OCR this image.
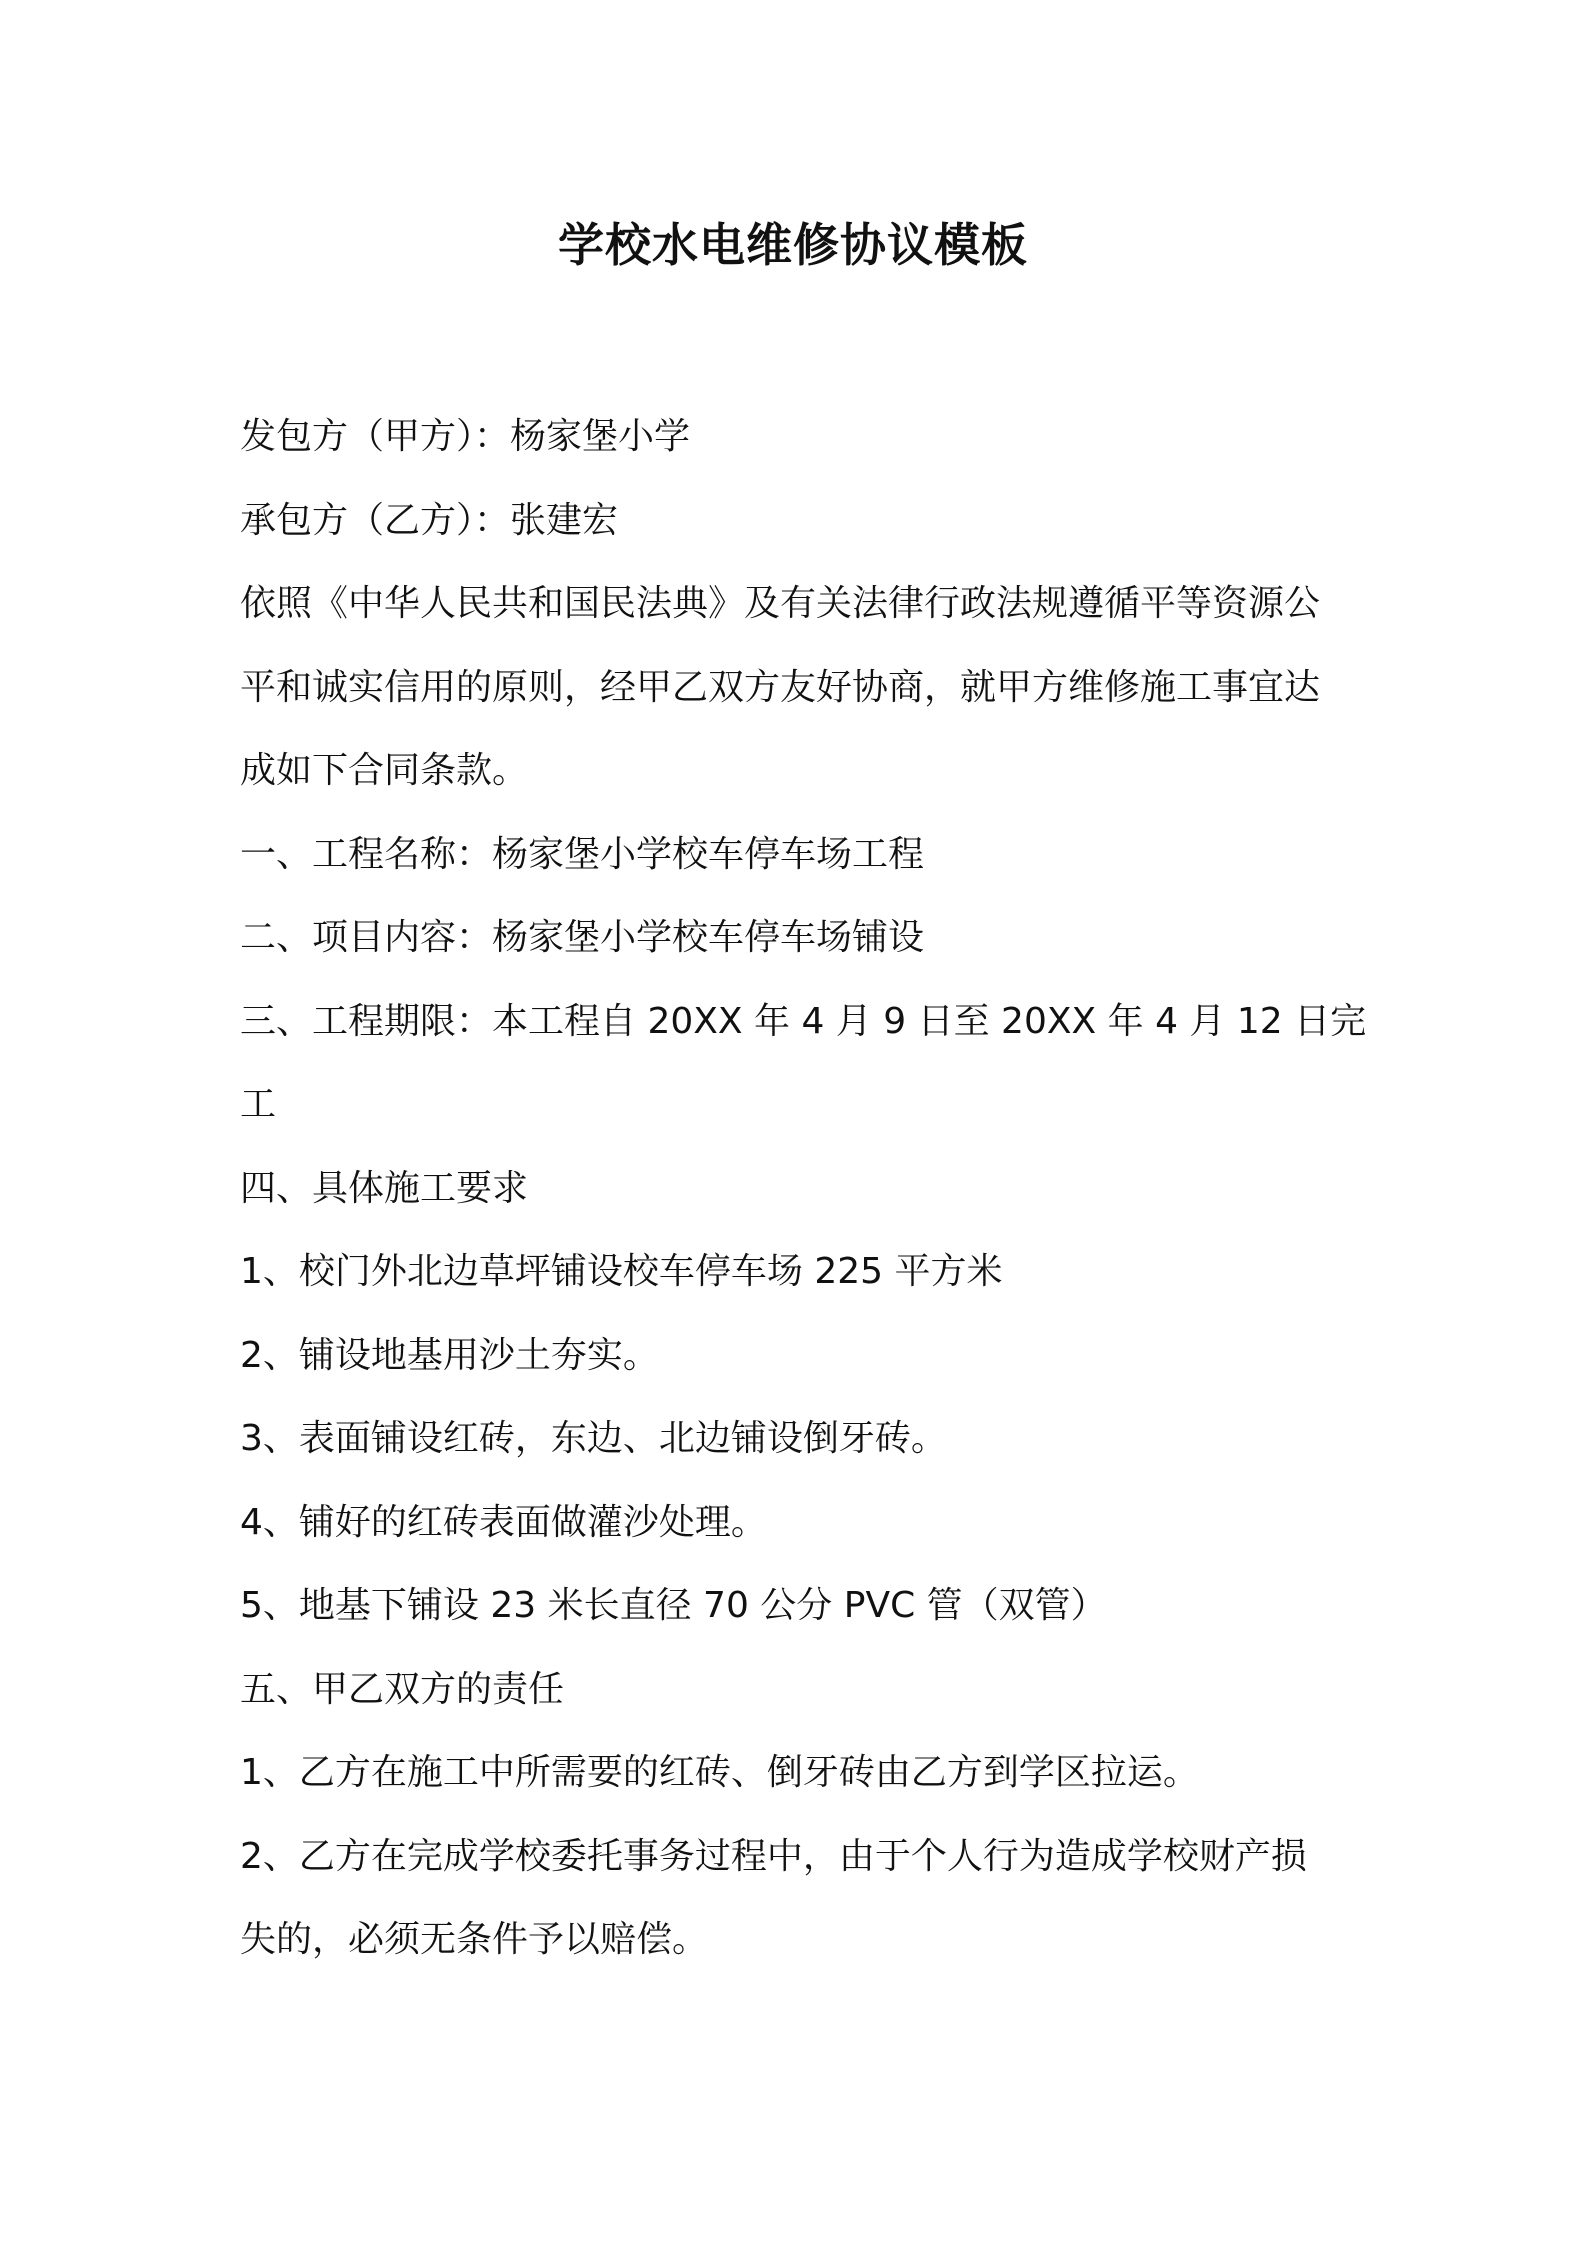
学校水电维修协议模板
发包方（甲方）：杨家堡小学
承包方（乙方）：张建宏
依照《中华人民共和国民法典》及有关法律行政法规遵循平等资源公
平和诚实信用的原则，经甲乙双方友好协商，就甲方维修施工事宜达
成如下合同条款。
一、工程名称：杨家堡小学校车停车场工程
二、项目内容：杨家堡小学校车停车场铺设
三、工程期限：本工程自 20XX 年 4 月 9 日至 20XX 年 4 月 12 日完
工
四、具体施工要求
1、校门外北边草坪铺设校车停车场 225 平方米
2、铺设地基用沙土夯实。
3、表面铺设红砖，东边、北边铺设倒牙砖。
4、铺好的红砖表面做灌沙处理。
5、地基下铺设 23 米长直径 70 公分 PVC 管（双管）
五、甲乙双方的责任
1、乙方在施工中所需要的红砖、倒牙砖由乙方到学区拉运。
2、乙方在完成学校委托事务过程中，由于个人行为造成学校财产损
失的，必须无条件予以赔偿。
